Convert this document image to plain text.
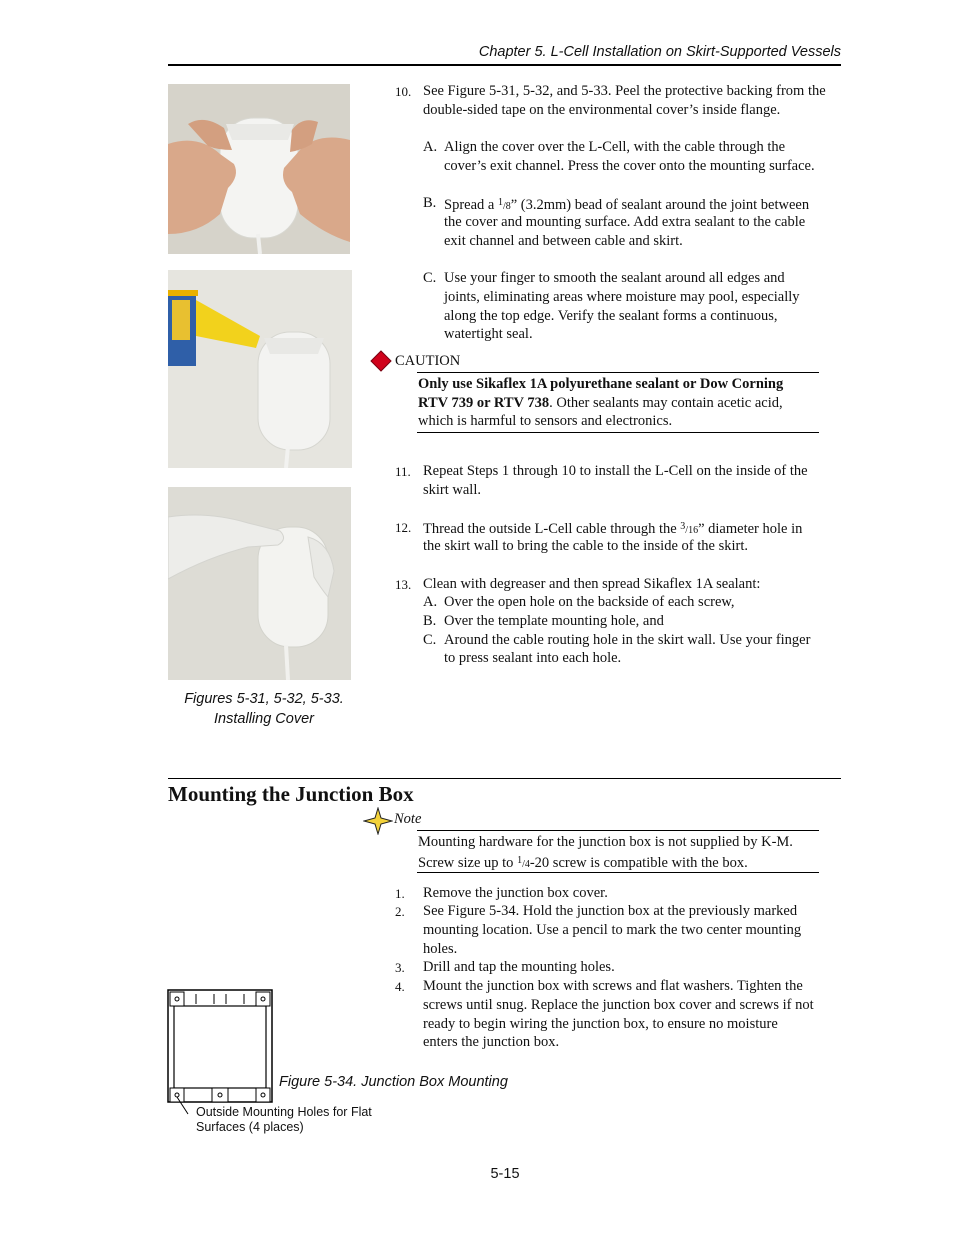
Chapter 5. L-Cell Installation on Skirt-Supported Vessels
Figures 5-31, 5-32, 5-33.
Installing Cover
10. See Figure 5-31, 5-32, and 5-33. Peel the protective backing from the
double-sided tape on the environmental cover’s inside flange.
A. Align the cover over the L-Cell, with the cable through the
cover’s exit channel. Press the cover onto the mounting surface.
B. Spread a $^1$/8” (3.2mm) bead of sealant around the joint between
the cover and mounting surface. Add extra sealant to the cable
exit channel and between cable and skirt.
C. Use your finger to smooth the sealant around all edges and
joints, eliminating areas where moisture may pool, especially
along the top edge. Verify the sealant forms a continuous,
watertight seal.
CAUTION
Only use Sikaflex 1A polyurethane sealant or Dow Corning
RTV 739 or RTV 738. Other sealants may contain acetic acid,
which is harmful to sensors and electronics.
11. Repeat Steps 1 through 10 to install the L-Cell on the inside of the
skirt wall.
12. Thread the outside L-Cell cable through the $^3$/16” diameter hole in
the skirt wall to bring the cable to the inside of the skirt.
13. Clean with degreaser and then spread Sikaflex 1A sealant:
A. Over the open hole on the backside of each screw,
B. Over the template mounting hole, and
C. Around the cable routing hole in the skirt wall. Use your finger
to press sealant into each hole.
Mounting the Junction Box
Note
Mounting hardware for the junction box is not supplied by K-M.
Screw size up to $^1$/4-20 screw is compatible with the box.
1. Remove the junction box cover.
2. See Figure 5-34. Hold the junction box at the previously marked
mounting location. Use a pencil to mark the two center mounting
holes.
3. Drill and tap the mounting holes.
4. Mount the junction box with screws and flat washers. Tighten the
screws until snug. Replace the junction box cover and screws if not
ready to begin wiring the junction box, to ensure no moisture
enters the junction box.
Figure 5-34. Junction Box Mounting
Outside Mounting Holes for Flat
Surfaces (4 places)
5-15
